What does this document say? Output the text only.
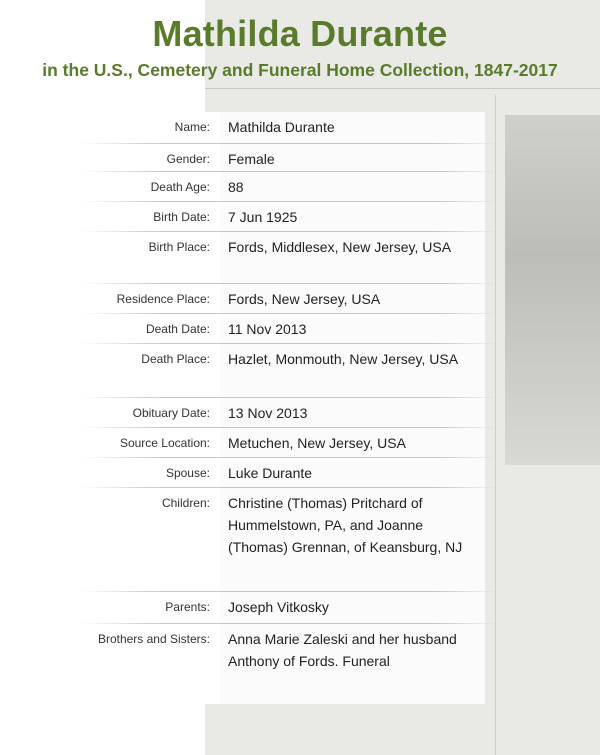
Mathilda Durante
in the U.S., Cemetery and Funeral Home Collection, 1847-2017
Name:	Mathilda Durante
Gender:	Female
Death Age:	88
Birth Date:	7 Jun 1925
Birth Place:	Fords, Middlesex, New Jersey, USA
Residence Place:	Fords, New Jersey, USA
Death Date:	11 Nov 2013
Death Place:	Hazlet, Monmouth, New Jersey, USA
Obituary Date:	13 Nov 2013
Source Location:	Metuchen, New Jersey, USA
Spouse:	Luke Durante
Children:	Christine (Thomas) Pritchard of Hummelstown, PA, and Joanne (Thomas) Grennan, of Keansburg, NJ
Parents:	Joseph Vitkosky
Brothers and Sisters:	Anna Marie Zaleski and her husband Anthony of Fords. Funeral
